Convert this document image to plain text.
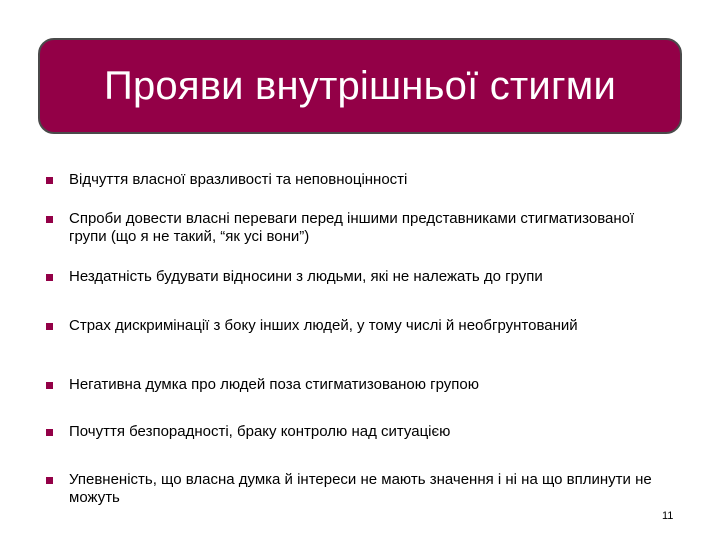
Прояви внутрішньої стигми
Відчуття власної вразливості та неповноцінності
Спроби довести власні переваги перед іншими представниками стигматизованої групи (що я не такий, “як усі вони”)
Нездатність будувати відносини з людьми, які не належать до групи
Страх дискримінації з боку інших людей, у тому числі й необгрунтований
Негативна думка про людей поза стигматизованою групою
Почуття безпорадності, браку контролю над ситуацією
Упевненість, що власна думка й інтереси не мають значення і ні на що вплинути не можуть
11
